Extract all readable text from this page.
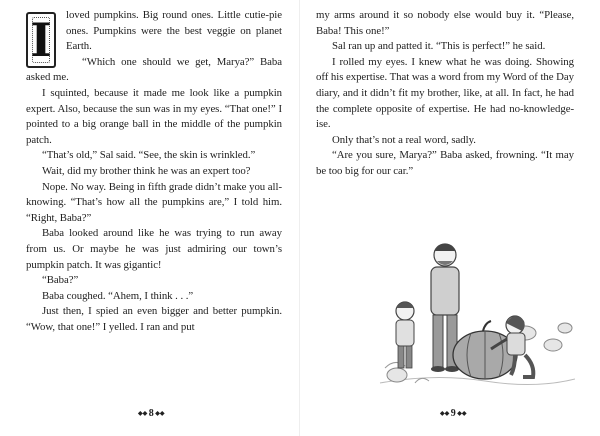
I	loved pumpkins. Big round ones. Little cutie-pie ones. Pumpkins were the best veggie on planet Earth.

“Which one should we get, Marya?” Baba asked me.

I squinted, because it made me look like a pumpkin expert. Also, because the sun was in my eyes. “That one!” I pointed to a big orange ball in the middle of the pumpkin patch.

“That’s old,” Sal said. “See, the skin is wrinkled.”

Wait, did my brother think he was an expert too?

Nope. No way. Being in fifth grade didn’t make you all-knowing. “That’s how all the pumpkins are,” I told him. “Right, Baba?”

Baba looked around like he was trying to run away from us. Or maybe he was just admiring our town’s pumpkin patch. It was gigantic!

“Baba?”

Baba coughed. “Ahem, I think . . .”

Just then, I spied an even bigger and better pumpkin. “Wow, that one!” I yelled. I ran and put

◆◆ 8 ◆◆

my arms around it so nobody else would buy it. “Please, Baba! This one!”

Sal ran up and patted it. “This is perfect!” he said.

I rolled my eyes. I knew what he was doing. Showing off his expertise. That was a word from my Word of the Day diary, and it didn’t fit my brother, like, at all. In fact, he had the complete opposite of expertise. He had no-knowledge-ise.

Only that’s not a real word, sadly.

“Are you sure, Marya?” Baba asked, frowning. “It may be too big for our car.”

◆◆ 9 ◆◆
